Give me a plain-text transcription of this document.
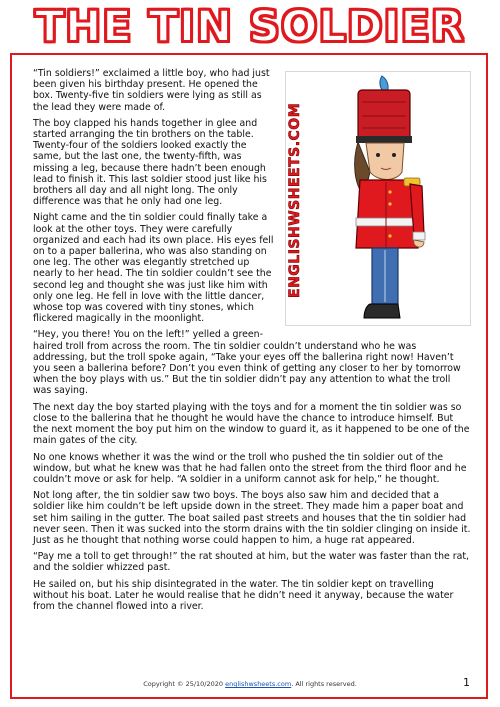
THE TIN SOLDIER
ENGLISHWSHEETS.COM

“Tin soldiers!” exclaimed a little boy, who had just been given his birthday present. He opened the box. Twenty-five tin soldiers were lying as still as the lead they were made of.

The boy clapped his hands together in glee and started arranging the tin brothers on the table. Twenty-four of the soldiers looked exactly the same, but the last one, the twenty-fifth, was missing a leg, because there hadn’t been enough lead to finish it. This last soldier stood just like his brothers all day and all night long. The only difference was that he only had one leg.

Night came and the tin soldier could finally take a look at the other toys. They were carefully organized and each had its own place. His eyes fell on to a paper ballerina, who was also standing on one leg. The other was elegantly stretched up nearly to her head. The tin soldier couldn’t see the second leg and thought she was just like him with only one leg. He fell in love with the little dancer, whose top was covered with tiny stones, which flickered magically in the moonlight.

“Hey, you there! You on the left!” yelled a green-haired troll from across the room. The tin soldier couldn’t understand who he was addressing, but the troll spoke again, “Take your eyes off the ballerina right now! Haven’t you seen a ballerina before? Don’t you even think of getting any closer to her by tomorrow when the boy plays with us.” But the tin soldier didn’t pay any attention to what the troll was saying.

The next day the boy started playing with the toys and for a moment the tin soldier was so close to the ballerina that he thought he would have the chance to introduce himself. But the next moment the boy put him on the window to guard it, as it happened to be one of the main gates of the city.

No one knows whether it was the wind or the troll who pushed the tin soldier out of the window, but what he knew was that he had fallen onto the street from the third floor and he couldn’t move or ask for help. “A soldier in a uniform cannot ask for help,” he thought.

Not long after, the tin soldier saw two boys. The boys also saw him and decided that a soldier like him couldn’t be left upside down in the street. They made him a paper boat and set him sailing in the gutter. The boat sailed past streets and houses that the tin soldier had never seen. Then it was sucked into the storm drains with the tin soldier clinging on inside it. Just as he thought that nothing worse could happen to him, a huge rat appeared.

“Pay me a toll to get through!” the rat shouted at him, but the water was faster than the rat, and the soldier whizzed past.

He sailed on, but his ship disintegrated in the water. The tin soldier kept on travelling without his boat. Later he would realise that he didn’t need it anyway, because the water from the channel flowed into a river.

Copyright © 25/10/2020 englishwsheets.com. All rights reserved.	1
